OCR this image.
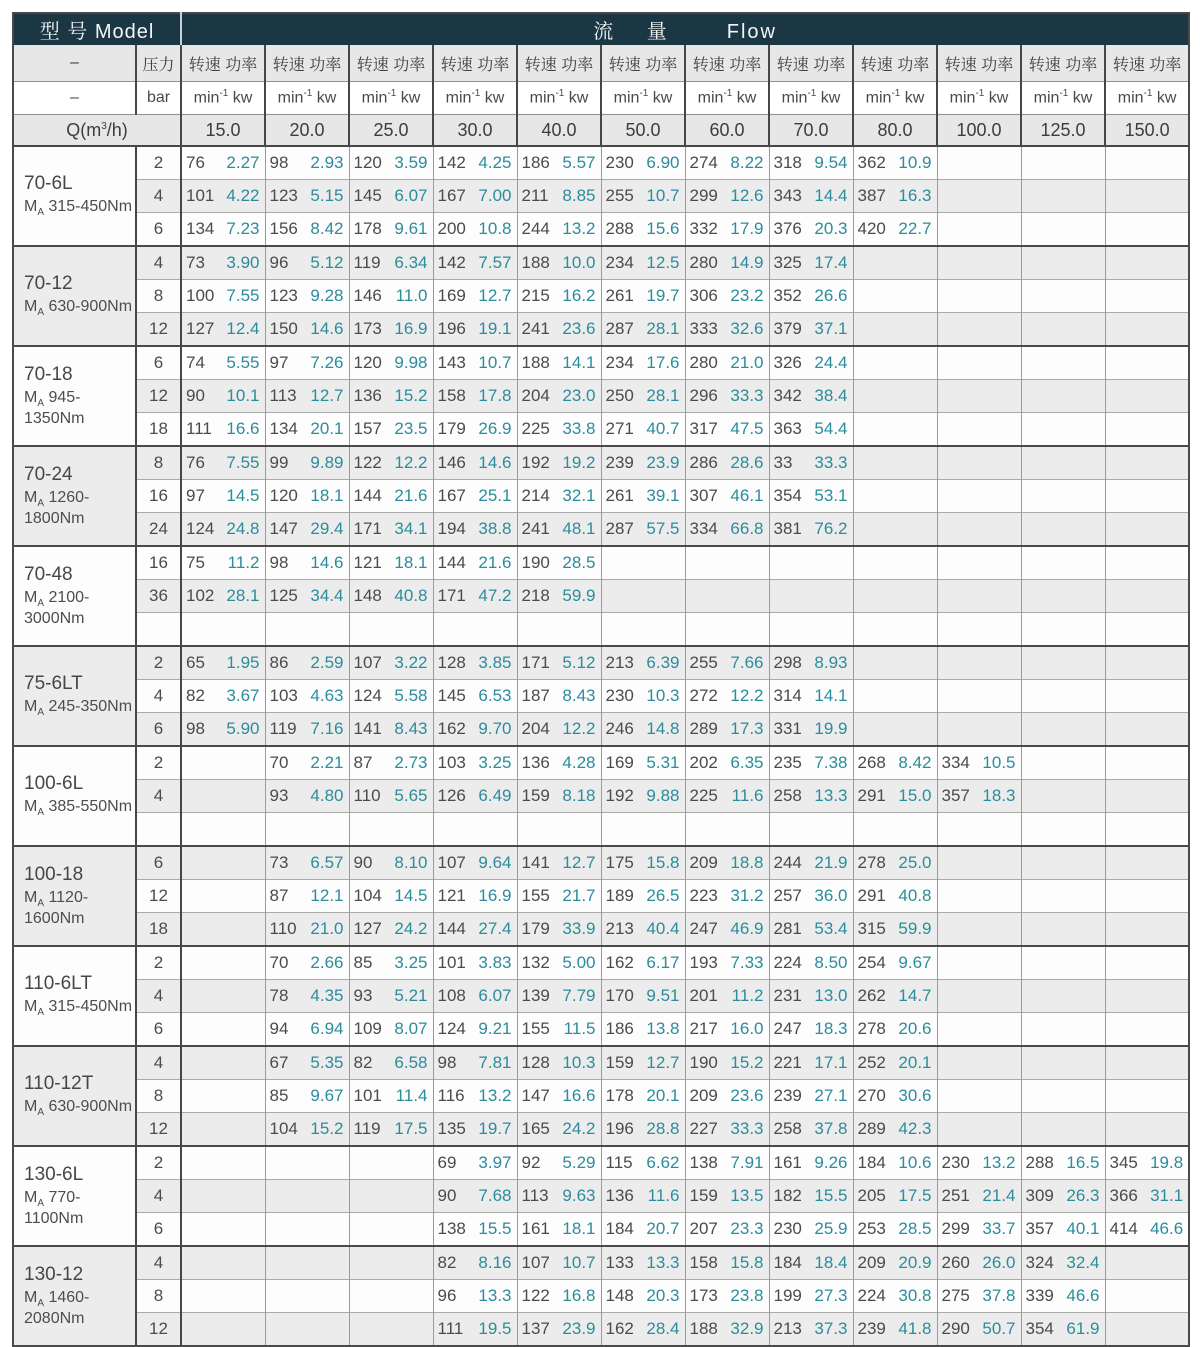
型 号 Model		流 量 Flow											
–	压力	转速 功率	转速 功率	转速 功率	转速 功率	转速 功率	转速 功率	转速 功率	转速 功率	转速 功率	转速 功率	转速 功率	转速 功率
–	bar	$\min^{-1}$ kw	$\min^{-1}$ kw	$\min^{-1}$ kw	$\min^{-1}$ kw	$\min^{-1}$ kw	$\min^{-1}$ kw	$\min^{-1}$ kw	$\min^{-1}$ kw	$\min^{-1}$ kw	$\min^{-1}$ kw	$\min^{-1}$ kw	$\min^{-1}$ kw
$Q(m^3/h)$		15.0	20.0	25.0	30.0	40.0	50.0	60.0	70.0	80.0	100.0	125.0	150.0

70-6L
$M_A$ 315-450Nm
	2	76 2.27	98 2.93	120 3.59	142 4.25	186 5.57	230 6.90	274 8.22	318 9.54	362 10.9

	4	101 4.22	123 5.15	145 6.07	167 7.00	211 8.85	255 10.7	299 12.6	343 14.4	387 16.3			

	6	134 7.23	156 8.42	178 9.61	200 10.8	244 13.2	288 15.6	332 17.9	376 20.3	420 22.7			

70-12
$M_A$ 630-900Nm
	4	73 3.90	96 5.12	119 6.34	142 7.57	188 10.0	234 12.5	280 14.9	325 17.4

	8	100 7.55	123 9.28	146 11.0	169 12.7	215 16.2	261 19.7	306 23.2	352 26.6				

	12	127 12.4	150 14.6	173 16.9	196 19.1	241 23.6	287 28.1	333 32.6	379 37.1				

70-18
$M_A$ 945-1350Nm
	6	74 5.55	97 7.26	120 9.98	143 10.7	188 14.1	234 17.6	280 21.0	326 24.4

	12	90 10.1	113 12.7	136 15.2	158 17.8	204 23.0	250 28.1	296 33.3	342 38.4				

	18	111 16.6	134 20.1	157 23.5	179 26.9	225 33.8	271 40.7	317 47.5	363 54.4				

70-24
$M_A$ 1260-1800Nm
	8	76 7.55	99 9.89	122 12.2	146 14.6	192 19.2	239 23.9	286 28.6	33 33.3

	16	97 14.5	120 18.1	144 21.6	167 25.1	214 32.1	261 39.1	307 46.1	354 53.1				

	24	124 24.8	147 29.4	171 34.1	194 38.8	241 48.1	287 57.5	334 66.8	381 76.2				

70-48
$M_A$ 2100-3000Nm
	16	75 11.2	98 14.6	121 18.1	144 21.6	190 28.5

	36	102 28.1	125 34.4	148 40.8	171 47.2	218 59.9							

75-6LT
$M_A$ 245-350Nm
	2	65 1.95	86 2.59	107 3.22	128 3.85	171 5.12	213 6.39	255 7.66	298 8.93

	4	82 3.67	103 4.63	124 5.58	145 6.53	187 8.43	230 10.3	272 12.2	314 14.1				

	6	98 5.90	119 7.16	141 8.43	162 9.70	204 12.2	246 14.8	289 17.3	331 19.9				

100-6L
$M_A$ 385-550Nm
	2		70 2.21	87 2.73	103 3.25	136 4.28	169 5.31	202 6.35	235 7.38	268 8.42	334 10.5

	4		93 4.80	110 5.65	126 6.49	159 8.18	192 9.88	225 11.6	258 13.3	291 15.0	357 18.3		

100-18
$M_A$ 1120-1600Nm
	6		73 6.57	90 8.10	107 9.64	141 12.7	175 15.8	209 18.8	244 21.9	278 25.0

	12		87 12.1	104 14.5	121 16.9	155 21.7	189 26.5	223 31.2	257 36.0	291 40.8			

	18		110 21.0	127 24.2	144 27.4	179 33.9	213 40.4	247 46.9	281 53.4	315 59.9			

110-6LT
$M_A$ 315-450Nm
	2		70 2.66	85 3.25	101 3.83	132 5.00	162 6.17	193 7.33	224 8.50	254 9.67

	4		78 4.35	93 5.21	108 6.07	139 7.79	170 9.51	201 11.2	231 13.0	262 14.7			

	6		94 6.94	109 8.07	124 9.21	155 11.5	186 13.8	217 16.0	247 18.3	278 20.6			

110-12T
$M_A$ 630-900Nm
	4		67 5.35	82 6.58	98 7.81	128 10.3	159 12.7	190 15.2	221 17.1	252 20.1

	8		85 9.67	101 11.4	116 13.2	147 16.6	178 20.1	209 23.6	239 27.1	270 30.6			

	12		104 15.2	119 17.5	135 19.7	165 24.2	196 28.8	227 33.3	258 37.8	289 42.3			

130-6L
$M_A$ 770-1100Nm
	2				69 3.97	92 5.29	115 6.62	138 7.91	161 9.26	184 10.6	230 13.2	288 16.5	345 19.8

	4				90 7.68	113 9.63	136 11.6	159 13.5	182 15.5	205 17.5	251 21.4	309 26.3	366 31.1

	6				138 15.5	161 18.1	184 20.7	207 23.3	230 25.9	253 28.5	299 33.7	357 40.1	414 46.6

130-12
$M_A$ 1460-2080Nm
	4				82 8.16	107 10.7	133 13.3	158 15.8	184 18.4	209 20.9	260 26.0	324 32.4

	8				96 13.3	122 16.8	148 20.3	173 23.8	199 27.3	224 30.8	275 37.8	339 46.6	

	12				111 19.5	137 23.9	162 28.4	188 32.9	213 37.3	239 41.8	290 50.7	354 61.9	
